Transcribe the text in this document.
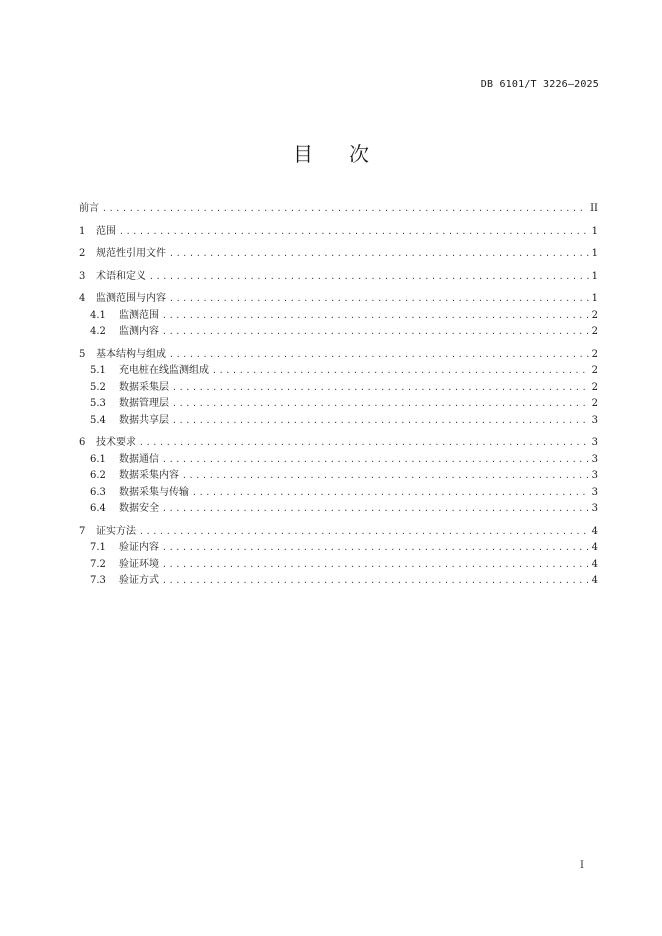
DB 6101/T 3226—2025
目 次
前言 .....	II
1	范围 .....	1
2	规范性引用文件 .....	1
3	术语和定义 .....	1
4	监测范围与内容 .....	1
4.1	监测范围 .....	2
4.2	监测内容 .....	2
5	基本结构与组成 .....	2
5.1	充电桩在线监测组成 .....	2
5.2	数据采集层 .....	2
5.3	数据管理层 .....	2
5.4	数据共享层 .....	3
6	技术要求 .....	3
6.1	数据通信 .....	3
6.2	数据采集内容 .....	3
6.3	数据采集与传输 .....	3
6.4	数据安全 .....	3
7	证实方法 .....	4
7.1	验证内容 .....	4
7.2	验证环境 .....	4
7.3	验证方式 .....	4
I
